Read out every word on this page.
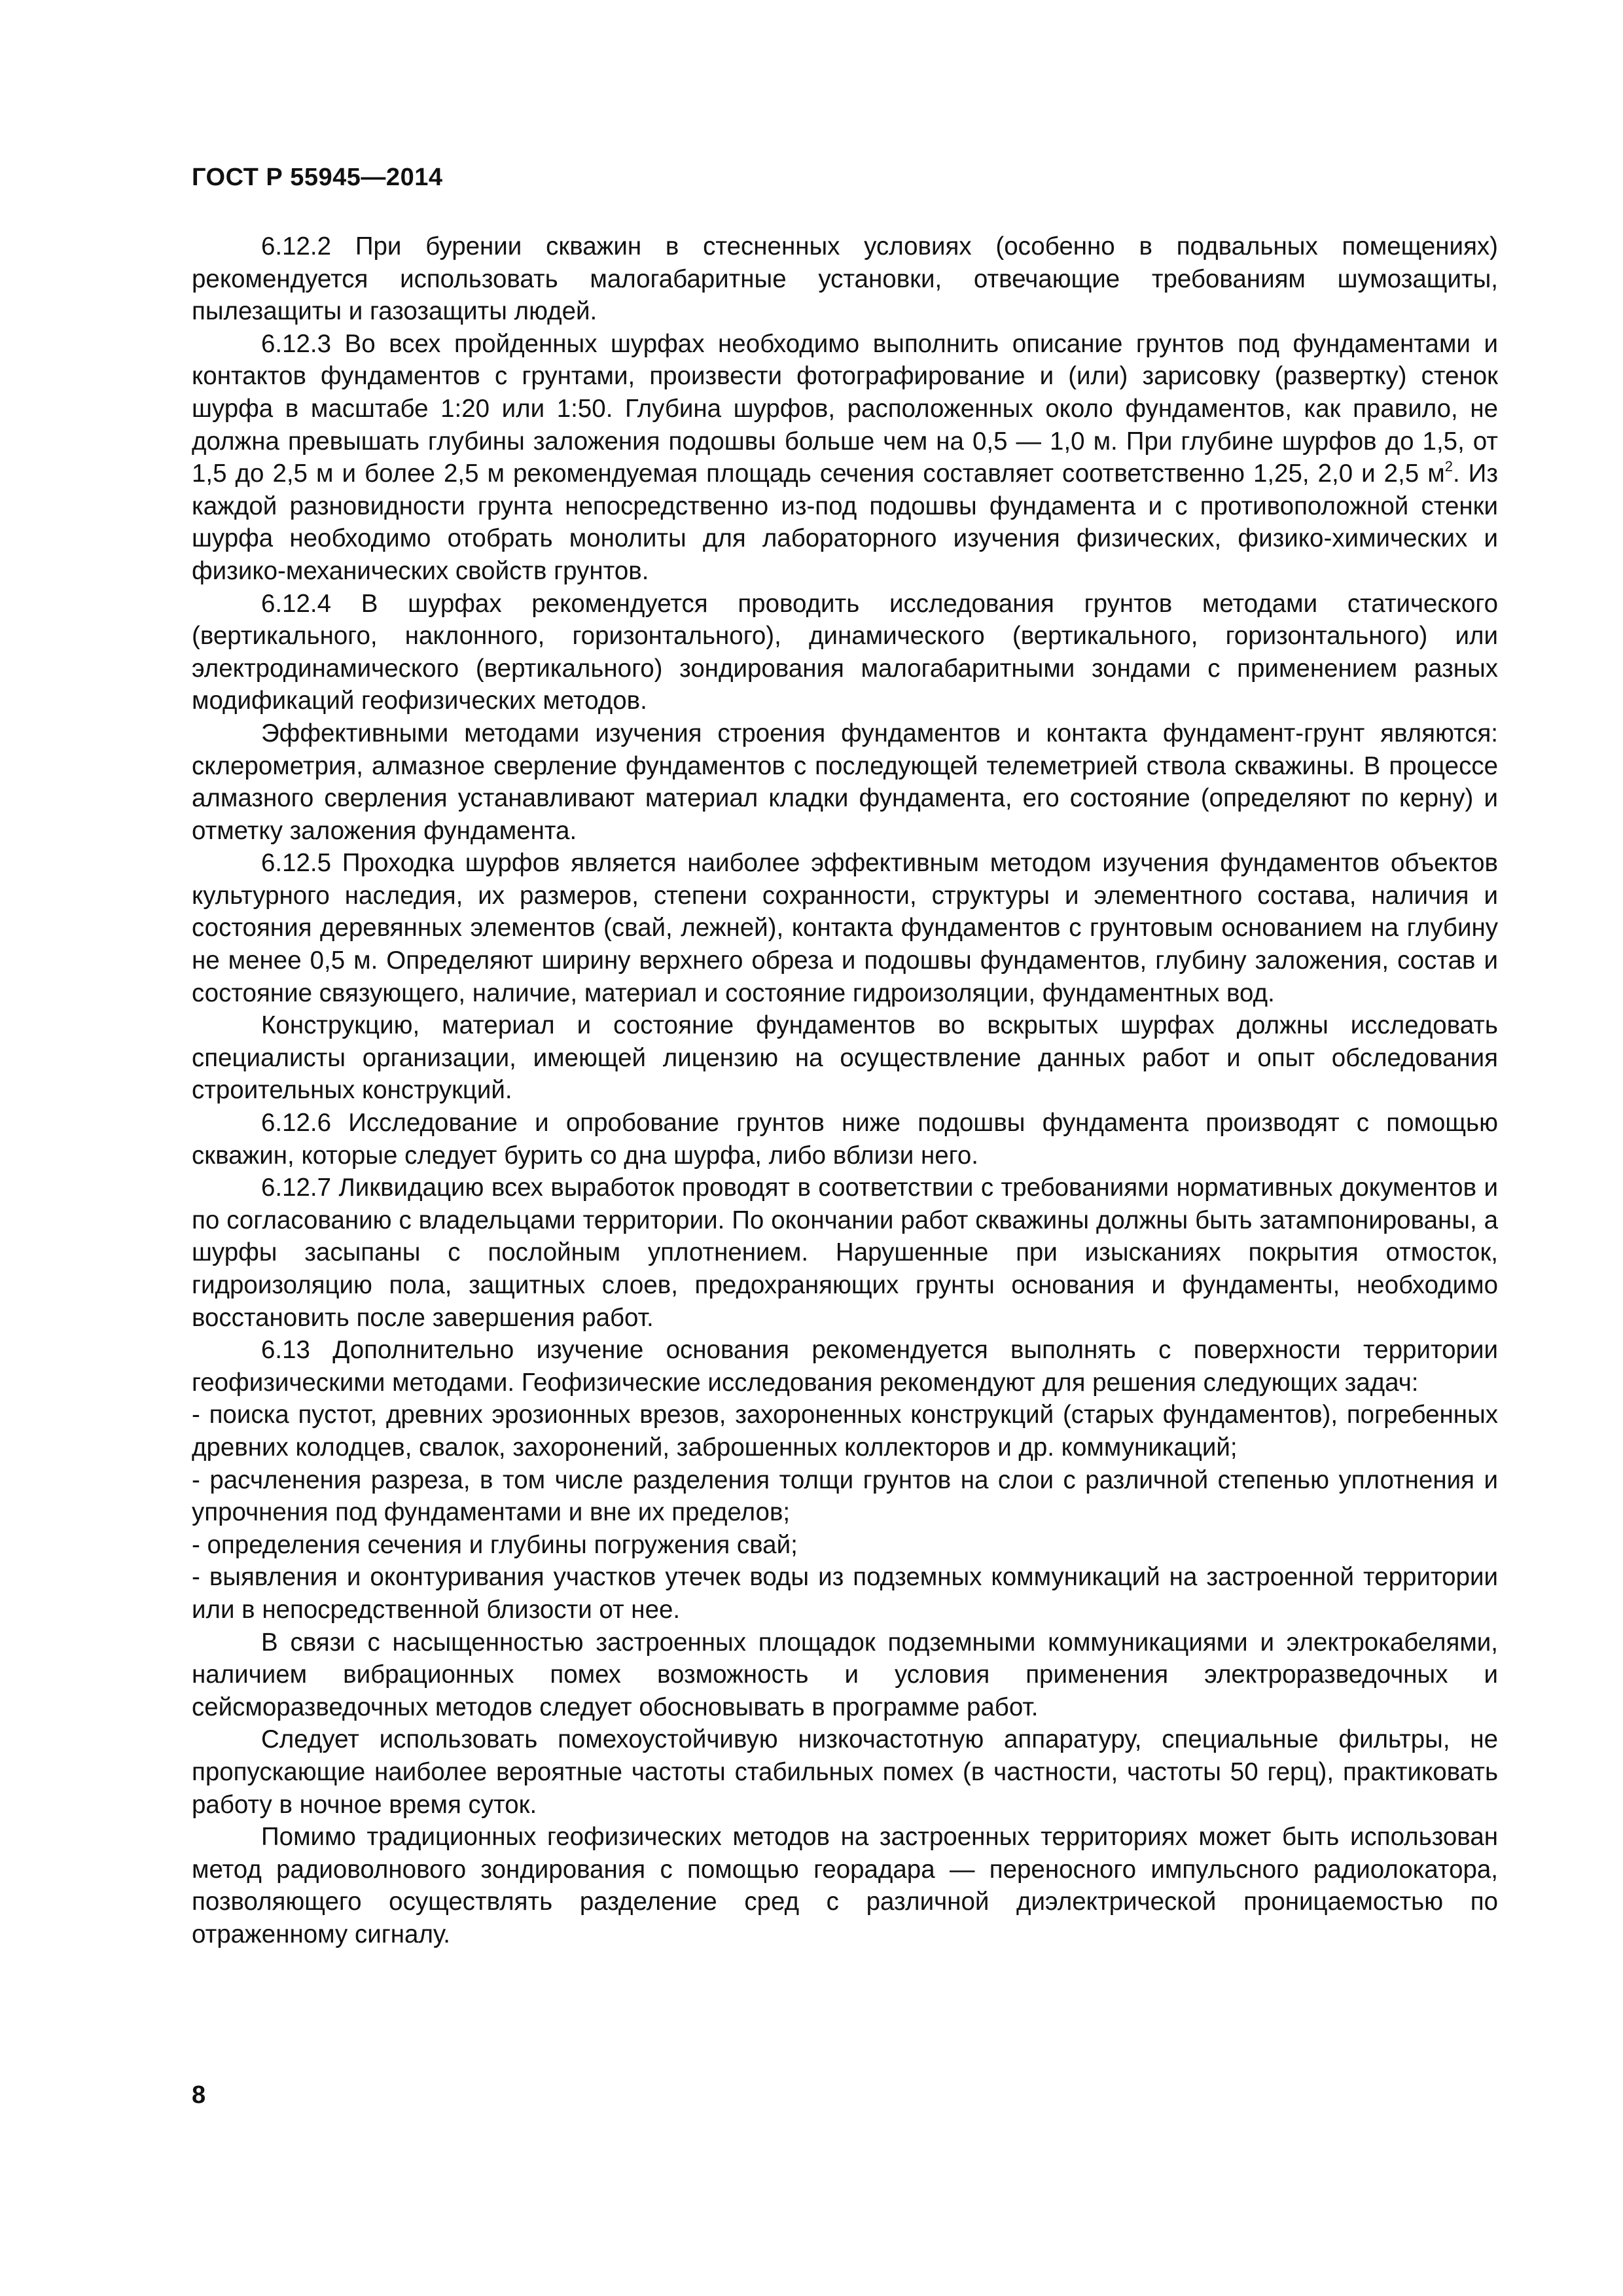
ГОСТ Р 55945—2014

6.12.2 При бурении скважин в стесненных условиях (особенно в подвальных помещениях) рекомендуется использовать малогабаритные установки, отвечающие требованиям шумозащиты, пылезащиты и газозащиты людей.

6.12.3 Во всех пройденных шурфах необходимо выполнить описание грунтов под фундаментами и контактов фундаментов с грунтами, произвести фотографирование и (или) зарисовку (развертку) стенок шурфа в масштабе 1:20 или 1:50. Глубина шурфов, расположенных около фундаментов, как правило, не должна превышать глубины заложения подошвы больше чем на 0,5 — 1,0 м. При глубине шурфов до 1,5, от 1,5 до 2,5 м и более 2,5 м рекомендуемая площадь сечения составляет соответственно 1,25, 2,0 и 2,5 $м^2$. Из каждой разновидности грунта непосредственно из-под подошвы фундамента и с противоположной стенки шурфа необходимо отобрать монолиты для лабораторного изучения физических, физико-химических и физико-механических свойств грунтов.

6.12.4 В шурфах рекомендуется проводить исследования грунтов методами статического (вертикального, наклонного, горизонтального), динамического (вертикального, горизонтального) или электродинамического (вертикального) зондирования малогабаритными зондами с применением разных модификаций геофизических методов.

Эффективными методами изучения строения фундаментов и контакта фундамент-грунт являются: склерометрия, алмазное сверление фундаментов с последующей телеметрией ствола скважины. В процессе алмазного сверления устанавливают материал кладки фундамента, его состояние (определяют по керну) и отметку заложения фундамента.

6.12.5 Проходка шурфов является наиболее эффективным методом изучения фундаментов объектов культурного наследия, их размеров, степени сохранности, структуры и элементного состава, наличия и состояния деревянных элементов (свай, лежней), контакта фундаментов с грунтовым основанием на глубину не менее 0,5 м. Определяют ширину верхнего обреза и подошвы фундаментов, глубину заложения, состав и состояние связующего, наличие, материал и состояние гидроизоляции, фундаментных вод.

Конструкцию, материал и состояние фундаментов во вскрытых шурфах должны исследовать специалисты организации, имеющей лицензию на осуществление данных работ и опыт обследования строительных конструкций.

6.12.6 Исследование и опробование грунтов ниже подошвы фундамента производят с помощью скважин, которые следует бурить со дна шурфа, либо вблизи него.

6.12.7 Ликвидацию всех выработок проводят в соответствии с требованиями нормативных документов и по согласованию с владельцами территории. По окончании работ скважины должны быть затампонированы, а шурфы засыпаны с послойным уплотнением. Нарушенные при изысканиях покрытия отмосток, гидроизоляцию пола, защитных слоев, предохраняющих грунты основания и фундаменты, необходимо восстановить после завершения работ.

6.13 Дополнительно изучение основания рекомендуется выполнять с поверхности территории геофизическими методами. Геофизические исследования рекомендуют для решения следующих задач:

- поиска пустот, древних эрозионных врезов, захороненных конструкций (старых фундаментов), погребенных древних колодцев, свалок, захоронений, заброшенных коллекторов и др. коммуникаций;

- расчленения разреза, в том числе разделения толщи грунтов на слои с различной степенью уплотнения и упрочнения под фундаментами и вне их пределов;

- определения сечения и глубины погружения свай;

- выявления и оконтуривания участков утечек воды из подземных коммуникаций на застроенной территории или в непосредственной близости от нее.

В связи с насыщенностью застроенных площадок подземными коммуникациями и электрокабелями, наличием вибрационных помех возможность и условия применения электроразведочных и сейсморазведочных методов следует обосновывать в программе работ.

Следует использовать помехоустойчивую низкочастотную аппаратуру, специальные фильтры, не пропускающие наиболее вероятные частоты стабильных помех (в частности, частоты 50 герц), практиковать работу в ночное время суток.

Помимо традиционных геофизических методов на застроенных территориях может быть использован метод радиоволнового зондирования с помощью георадара — переносного импульсного радиолокатора, позволяющего осуществлять разделение сред с различной диэлектрической проницаемостью по отраженному сигналу.

8
